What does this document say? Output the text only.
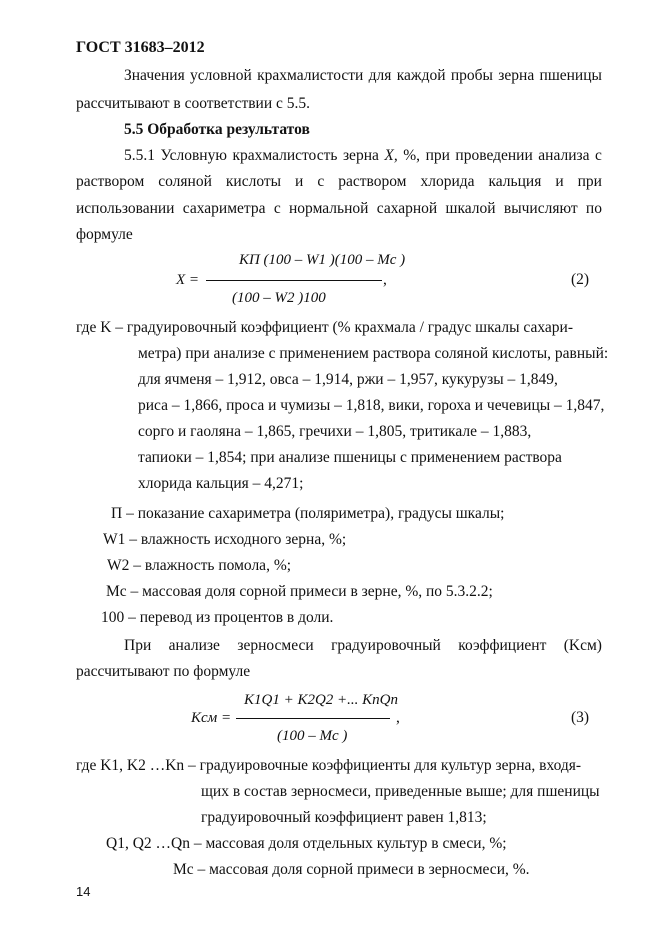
ГОСТ 31683–2012
Значения условной крахмалистости для каждой пробы зерна пшеницы
рассчитывают в соответствии с 5.5.
5.5 Обработка результатов
5.5.1 Условную крахмалистость зерна X, %, при проведении анализа с
раствором соляной кислоты и с раствором хлорида кальция и при
использовании сахариметра с нормальной сахарной шкалой вычисляют по
формуле
КП (100 – W1 )(100 – Mс )
X =	,
(100 – W2 )100
(2)
где K – градуировочный коэффициент (% крахмала / градус шкалы сахари-
метра) при анализе с применением раствора соляной кислоты, равный:
для ячменя – 1,912, овса – 1,914, ржи – 1,957, кукурузы – 1,849,
риса – 1,866, проса и чумизы – 1,818, вики, гороха и чечевицы – 1,847,
сорго и гаоляна – 1,865, гречихи – 1,805, тритикале – 1,883,
тапиоки – 1,854; при анализе пшеницы с применением раствора
хлорида кальция – 4,271;
П – показание сахариметра (поляриметра), градусы шкалы;
W1 – влажность исходного зерна, %;
W2 – влажность помола, %;
Mс – массовая доля сорной примеси в зерне, %, по 5.3.2.2;
100 – перевод из процентов в доли.
При анализе зерносмеси градуировочный коэффициент (Kсм)
рассчитывают по формуле
K1Q1 + K2Q2 +... KnQn
Kсм =	,
(100 – Mс )
(3)
где K1, K2 …Kn – градуировочные коэффициенты для культур зерна, входя-
щих в состав зерносмеси, приведенные выше; для пшеницы
градуировочный коэффициент равен 1,813;
Q1, Q2 …Qn – массовая доля отдельных культур в смеси, %;
Mс – массовая доля сорной примеси в зерносмеси, %.
14
